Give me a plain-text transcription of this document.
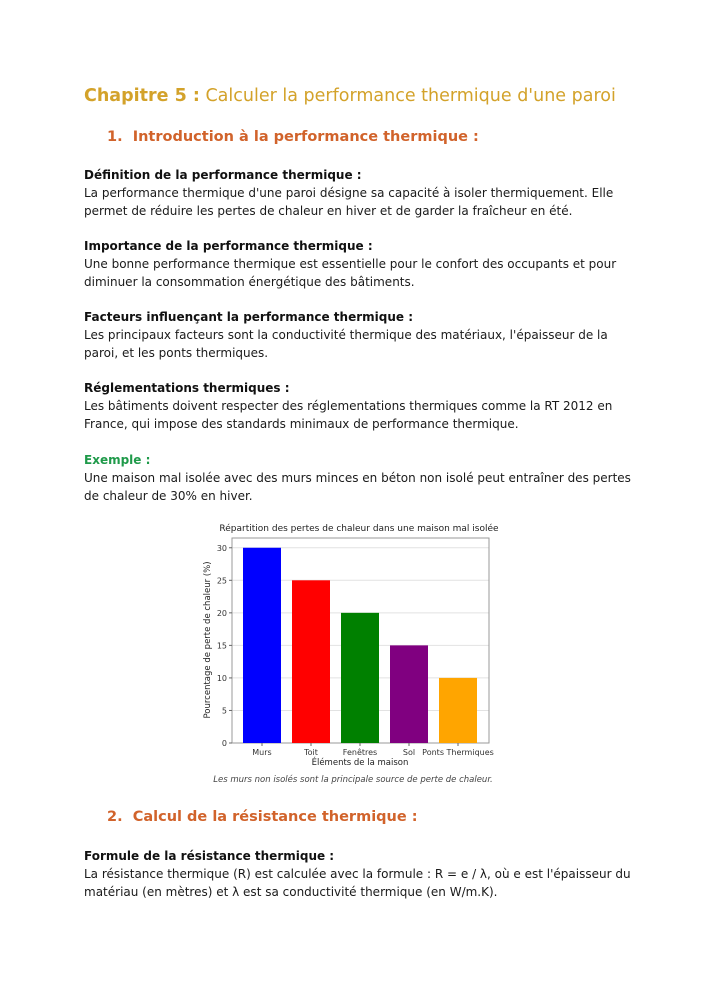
Chapitre 5 : Calculer la performance thermique d'une paroi
1. Introduction à la performance thermique :
Définition de la performance thermique :
La performance thermique d'une paroi désigne sa capacité à isoler thermiquement. Elle permet de réduire les pertes de chaleur en hiver et de garder la fraîcheur en été.
Importance de la performance thermique :
Une bonne performance thermique est essentielle pour le confort des occupants et pour diminuer la consommation énergétique des bâtiments.
Facteurs influençant la performance thermique :
Les principaux facteurs sont la conductivité thermique des matériaux, l'épaisseur de la paroi, et les ponts thermiques.
Réglementations thermiques :
Les bâtiments doivent respecter des réglementations thermiques comme la RT 2012 en France, qui impose des standards minimaux de performance thermique.
Exemple :
Une maison mal isolée avec des murs minces en béton non isolé peut entraîner des pertes de chaleur de 30% en hiver.
Répartition des pertes de chaleur dans une maison mal isolée
0
5
10
15
20
25
30
Murs	Toit	Fenêtres	Sol Ponts Thermiques
Éléments de la maison
Pourcentage de perte de chaleur (%)
Les murs non isolés sont la principale source de perte de chaleur.
2. Calcul de la résistance thermique :
Formule de la résistance thermique :
La résistance thermique (R) est calculée avec la formule : R = e / λ, où e est l'épaisseur du matériau (en mètres) et λ est sa conductivité thermique (en W/m.K).
